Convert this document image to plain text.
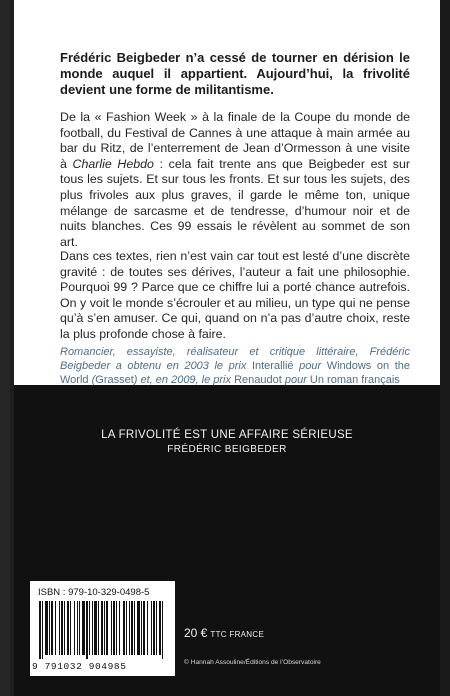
Frédéric Beigbeder n’a cessé de tourner en dérision le monde auquel il appartient. Aujourd’hui, la frivolité devient une forme de militantisme.

De la « Fashion Week » à la finale de la Coupe du monde de football, du Festival de Cannes à une attaque à main armée au bar du Ritz, de l’enterrement de Jean d’Ormesson à une visite à Charlie Hebdo : cela fait trente ans que Beigbeder est sur tous les sujets. Et sur tous les fronts. Et sur tous les sujets, des plus frivoles aux plus graves, il garde le même ton, unique mélange de sarcasme et de tendresse, d’humour noir et de nuits blanches. Ces 99 essais le révèlent au sommet de son art.

Dans ces textes, rien n’est vain car tout est lesté d’une discrète gravité : de toutes ses dérives, l’auteur a fait une philosophie. Pourquoi 99 ? Parce que ce chiffre lui a porté chance autrefois. On y voit le monde s’écrouler et au milieu, un type qui ne pense qu’à s’en amuser. Ce qui, quand on n’a pas d’autre choix, reste la plus profonde chose à faire.

Romancier, essayiste, réalisateur et critique littéraire, Frédéric Beigbeder a obtenu en 2003 le prix Interallié pour Windows on the World (Grasset) et, en 2009, le prix Renaudot pour Un roman français

LA FRIVOLITÉ EST UNE AFFAIRE SÉRIEUSE

FRÉDÉRIC BEIGBEDER

ISBN : 979-10-329-0498-5

9 791032 904985

20 € TTC FRANCE

© Hannah Assouline/Éditions de l’Observatoire
